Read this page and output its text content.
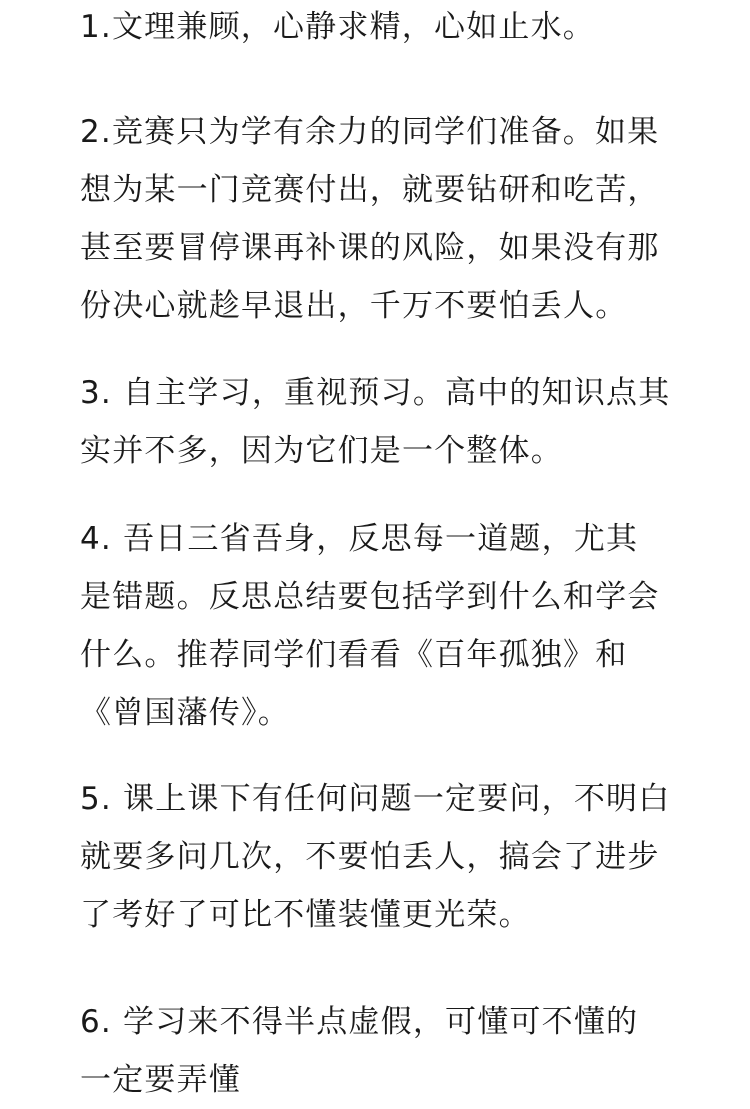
1.文理兼顾，心静求精，心如止水。
2.竞赛只为学有余力的同学们准备。如果
想为某一门竞赛付出，就要钻研和吃苦，
甚至要冒停课再补课的风险，如果没有那
份决心就趁早退出，千万不要怕丢人。
3. 自主学习，重视预习。高中的知识点其
实并不多，因为它们是一个整体。
4. 吾日三省吾身，反思每一道题，尤其
是错题。反思总结要包括学到什么和学会
什么。推荐同学们看看《百年孤独》和
《曾国藩传》。
5. 课上课下有任何问题一定要问，不明白
就要多问几次，不要怕丢人，搞会了进步
了考好了可比不懂装懂更光荣。
6. 学习来不得半点虚假，可懂可不懂的
一定要弄懂
